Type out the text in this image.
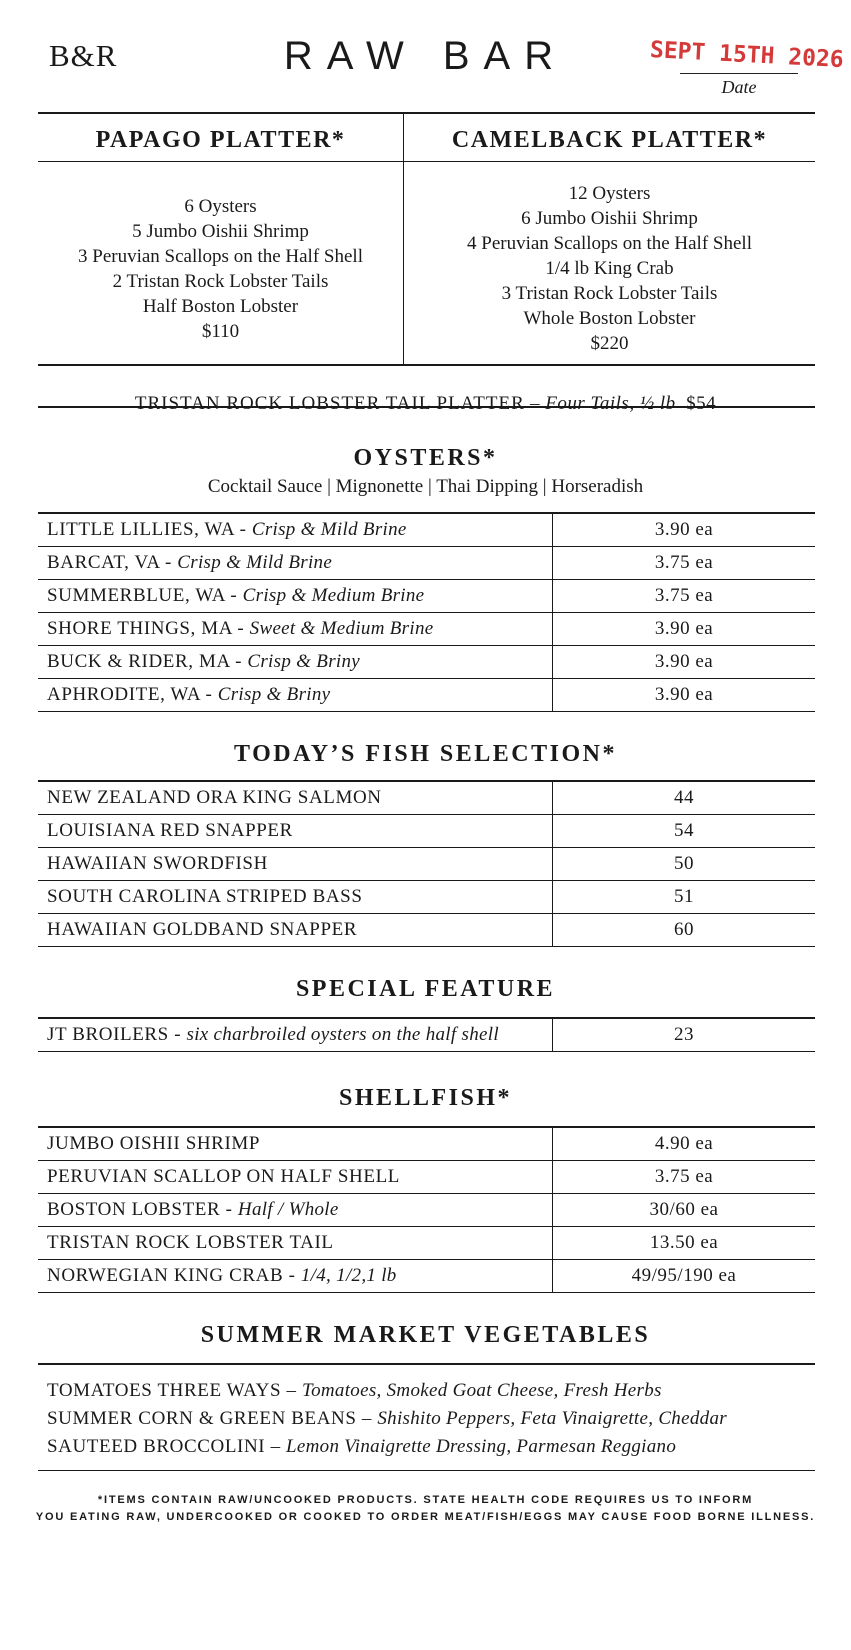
B&R	RAW BAR	SEPT 15TH 2026
Date
PAPAGO PLATTER*	CAMELBACK PLATTER*
6 Oysters
5 Jumbo Oishii Shrimp
3 Peruvian Scallops on the Half Shell
2 Tristan Rock Lobster Tails
Half Boston Lobster
$110
12 Oysters
6 Jumbo Oishii Shrimp
4 Peruvian Scallops on the Half Shell
1/4 lb King Crab
3 Tristan Rock Lobster Tails
Whole Boston Lobster
$220
TRISTAN ROCK LOBSTER TAIL PLATTER – Four Tails, ½ lb $54
OYSTERS*
Cocktail Sauce | Mignonette | Thai Dipping | Horseradish
LITTLE LILLIES, WA - Crisp & Mild Brine	3.90 ea
BARCAT, VA - Crisp & Mild Brine	3.75 ea
SUMMERBLUE, WA - Crisp & Medium Brine	3.75 ea
SHORE THINGS, MA - Sweet & Medium Brine	3.90 ea
BUCK & RIDER, MA - Crisp & Briny	3.90 ea
APHRODITE, WA - Crisp & Briny	3.90 ea
TODAY’S FISH SELECTION*
NEW ZEALAND ORA KING SALMON	44
LOUISIANA RED SNAPPER	54
HAWAIIAN SWORDFISH	50
SOUTH CAROLINA STRIPED BASS	51
HAWAIIAN GOLDBAND SNAPPER	60
SPECIAL FEATURE
JT BROILERS - six charbroiled oysters on the half shell	23
SHELLFISH*
JUMBO OISHII SHRIMP	4.90 ea
PERUVIAN SCALLOP ON HALF SHELL	3.75 ea
BOSTON LOBSTER - Half / Whole	30/60 ea
TRISTAN ROCK LOBSTER TAIL	13.50 ea
NORWEGIAN KING CRAB - 1/4, 1/2,1 lb	49/95/190 ea
SUMMER MARKET VEGETABLES
TOMATOES THREE WAYS – Tomatoes, Smoked Goat Cheese, Fresh Herbs
SUMMER CORN & GREEN BEANS – Shishito Peppers, Feta Vinaigrette, Cheddar
SAUTEED BROCCOLINI – Lemon Vinaigrette Dressing, Parmesan Reggiano
*ITEMS CONTAIN RAW/UNCOOKED PRODUCTS. STATE HEALTH CODE REQUIRES US TO INFORM
YOU EATING RAW, UNDERCOOKED OR COOKED TO ORDER MEAT/FISH/EGGS MAY CAUSE FOOD BORNE ILLNESS.
